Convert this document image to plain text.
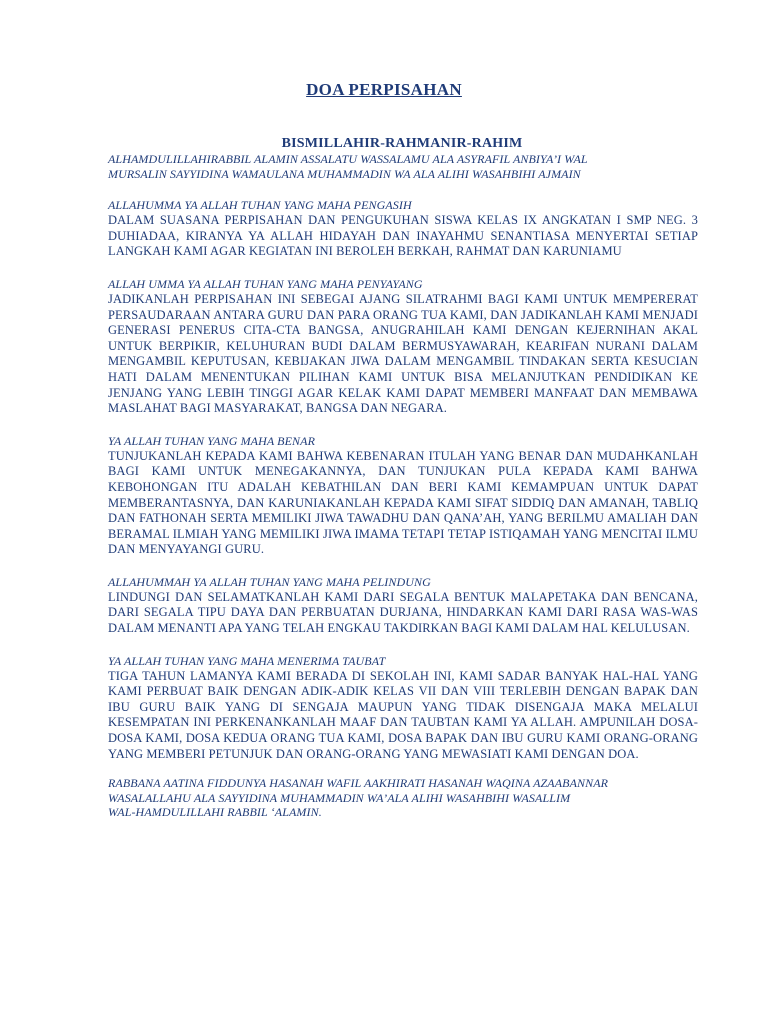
DOA PERPISAHAN
BISMILLAHIR-RAHMANIR-RAHIM
ALHAMDULILLAHIRABBIL ALAMIN ASSALATU WASSALAMU ALA ASYRAFIL ANBIYA’I WAL
MURSALIN SAYYIDINA WAMAULANA MUHAMMADIN WA ALA ALIHI WASAHBIHI AJMAIN
ALLAHUMMA YA ALLAH TUHAN YANG MAHA PENGASIH
DALAM SUASANA PERPISAHAN DAN PENGUKUHAN SISWA KELAS IX ANGKATAN I SMP NEG. 3 DUHIADAA, KIRANYA YA ALLAH HIDAYAH DAN INAYAHMU SENANTIASA MENYERTAI SETIAP LANGKAH KAMI AGAR KEGIATAN INI BEROLEH BERKAH, RAHMAT DAN KARUNIAMU
ALLAH UMMA YA ALLAH TUHAN YANG MAHA PENYAYANG
JADIKANLAH PERPISAHAN INI SEBEGAI AJANG SILATRAHMI BAGI KAMI UNTUK MEMPERERAT PERSAUDARAAN ANTARA GURU DAN PARA ORANG TUA KAMI, DAN JADIKANLAH KAMI MENJADI GENERASI PENERUS CITA-CTA BANGSA, ANUGRAHILAH KAMI DENGAN KEJERNIHAN AKAL UNTUK BERPIKIR, KELUHURAN BUDI DALAM BERMUSYAWARAH, KEARIFAN NURANI DALAM MENGAMBIL KEPUTUSAN, KEBIJAKAN JIWA DALAM MENGAMBIL TINDAKAN SERTA KESUCIAN HATI DALAM MENENTUKAN PILIHAN KAMI UNTUK BISA MELANJUTKAN PENDIDIKAN KE JENJANG YANG LEBIH TINGGI AGAR KELAK KAMI DAPAT MEMBERI MANFAAT DAN MEMBAWA MASLAHAT BAGI MASYARAKAT, BANGSA DAN NEGARA.
YA ALLAH TUHAN YANG MAHA BENAR
TUNJUKANLAH KEPADA KAMI BAHWA KEBENARAN ITULAH YANG BENAR DAN MUDAHKANLAH BAGI KAMI UNTUK MENEGAKANNYA, DAN TUNJUKAN PULA KEPADA KAMI BAHWA KEBOHONGAN ITU ADALAH KEBATHILAN DAN BERI KAMI KEMAMPUAN UNTUK DAPAT MEMBERANTASNYA, DAN KARUNIAKANLAH KEPADA KAMI SIFAT SIDDIQ DAN AMANAH, TABLIQ DAN FATHONAH SERTA MEMILIKI JIWA TAWADHU DAN QANA’AH, YANG BERILMU AMALIAH DAN BERAMAL ILMIAH YANG MEMILIKI JIWA IMAMA TETAPI TETAP ISTIQAMAH YANG MENCITAI ILMU DAN MENYAYANGI GURU.
ALLAHUMMAH YA ALLAH TUHAN YANG MAHA PELINDUNG
LINDUNGI DAN SELAMATKANLAH KAMI DARI SEGALA BENTUK MALAPETAKA DAN BENCANA, DARI SEGALA TIPU DAYA DAN PERBUATAN DURJANA, HINDARKAN KAMI DARI RASA WAS-WAS DALAM MENANTI APA YANG TELAH ENGKAU TAKDIRKAN BAGI KAMI DALAM HAL KELULUSAN.
YA ALLAH TUHAN YANG MAHA MENERIMA TAUBAT
TIGA TAHUN LAMANYA KAMI BERADA DI SEKOLAH INI, KAMI SADAR BANYAK HAL-HAL YANG KAMI PERBUAT BAIK DENGAN ADIK-ADIK KELAS VII DAN VIII TERLEBIH DENGAN BAPAK DAN IBU GURU BAIK YANG DI SENGAJA MAUPUN YANG TIDAK DISENGAJA MAKA MELALUI KESEMPATAN INI PERKENANKANLAH MAAF DAN TAUBTAN KAMI YA ALLAH. AMPUNILAH DOSA-DOSA KAMI, DOSA KEDUA ORANG TUA KAMI, DOSA BAPAK DAN IBU GURU KAMI ORANG-ORANG YANG MEMBERI PETUNJUK DAN ORANG-ORANG YANG MEWASIATI KAMI DENGAN DOA.
RABBANA AATINA FIDDUNYA HASANAH WAFIL AAKHIRATI HASANAH WAQINA AZAABANNAR
WASALALLAHU ALA SAYYIDINA MUHAMMADIN WA’ALA ALIHI WASAHBIHI WASALLIM
WAL-HAMDULILLAHI RABBIL ‘ALAMIN.
